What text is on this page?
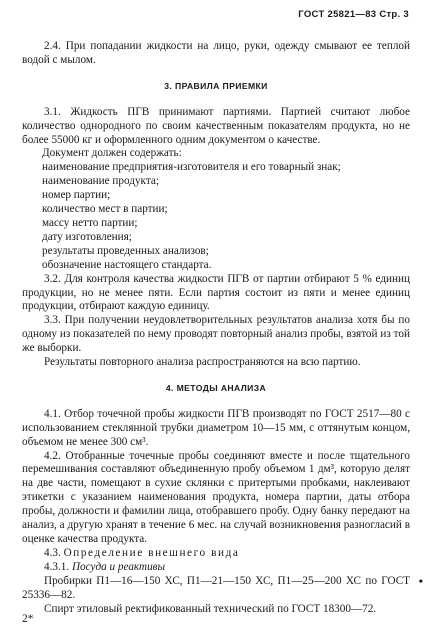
ГОСТ 25821—83 Стр. 3

2.4. При попадании жидкости на лицо, руки, одежду смывают ее теплой водой с мылом.

3. ПРАВИЛА ПРИЕМКИ

3.1. Жидкость ПГВ принимают партиями. Партией считают любое количество однородного по своим качественным показателям продукта, но не более 55000 кг и оформленного одним документом о качестве.

Документ должен содержать:

наименование предприятия-изготовителя и его товарный знак;

наименование продукта;

номер партии;

количество мест в партии;

массу нетто партии;

дату изготовления;

результаты проведенных анализов;

обозначение настоящего стандарта.

3.2. Для контроля качества жидкости ПГВ от партии отбирают 5 % единиц продукции, но не менее пяти. Если партия состоит из пяти и менее единиц продукции, отбирают каждую единицу.

3.3. При получении неудовлетворительных результатов анализа хотя бы по одному из показателей по нему проводят повторный анализ пробы, взятой из той же выборки.

Результаты повторного анализа распространяются на всю партию.

4. МЕТОДЫ АНАЛИЗА

4.1. Отбор точечной пробы жидкости ПГВ производят по ГОСТ 2517—80 с использованием стеклянной трубки диаметром 10—15 мм, с оттянутым концом, объемом не менее 300 см³.

4.2. Отобранные точечные пробы соединяют вместе и после тщательного перемешивания составляют объединенную пробу объемом 1 дм³, которую делят на две части, помещают в сухие склянки с притертыми пробками, наклеивают этикетки с указанием наименования продукта, номера партии, даты отбора пробы, должности и фамилии лица, отобравшего пробу. Одну банку передают на анализ, а другую хранят в течение 6 мес. на случай возникновения разногласий в оценке качества продукта.

4.3. Определение внешнего вида

4.3.1. Посуда и реактивы

Пробирки П1—16—150 ХС, П1—21—150 ХС, П1—25—200 ХС по ГОСТ 25336—82.
•

Спирт этиловый ректификованный технический по ГОСТ 18300—72.

2*
